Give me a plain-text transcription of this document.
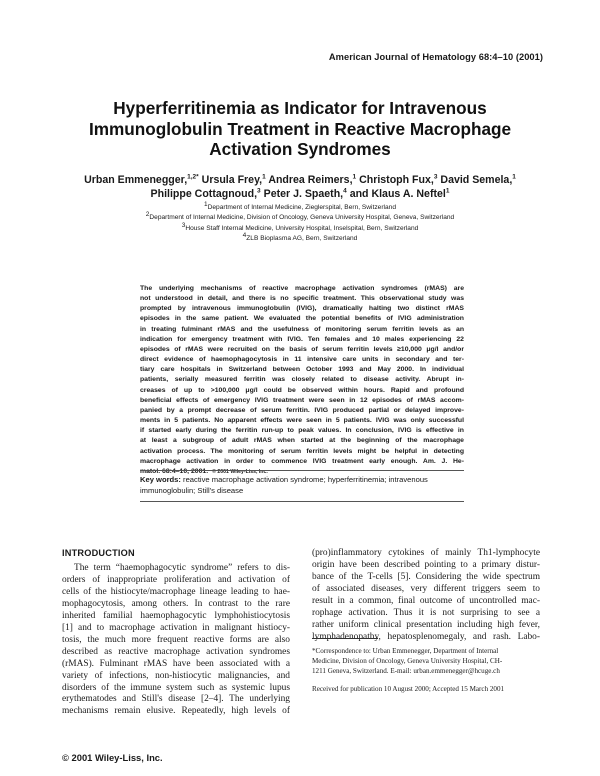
American Journal of Hematology 68:4–10 (2001)
Hyperferritinemia as Indicator for Intravenous
Immunoglobulin Treatment in Reactive Macrophage
Activation Syndromes
Urban Emmenegger,$^{1,2*}$ Ursula Frey,$^1$ Andrea Reimers,$^1$ Christoph Fux,$^3$ David Semela,$^1$
Philippe Cottagnoud,$^3$ Peter J. Spaeth,$^4$ and Klaus A. Neftel$^1$
$^1$Department of Internal Medicine, Zieglerspital, Bern, Switzerland
$^2$Department of Internal Medicine, Division of Oncology, Geneva University Hospital, Geneva, Switzerland
$^3$House Staff Internal Medicine, University Hospital, Inselspital, Bern, Switzerland
$^4$ZLB Bioplasma AG, Bern, Switzerland
The underlying mechanisms of reactive macrophage activation syndromes (rMAS) are
not understood in detail, and there is no specific treatment. This observational study was
prompted by intravenous immunoglobulin (IVIG), dramatically halting two distinct rMAS
episodes in the same patient. We evaluated the potential benefits of IVIG administration
in treating fulminant rMAS and the usefulness of monitoring serum ferritin levels as an
indication for emergency treatment with IVIG. Ten females and 10 males experiencing 22
episodes of rMAS were recruited on the basis of serum ferritin levels ≥10,000 μg/l and/or
direct evidence of haemophagocytosis in 11 intensive care units in secondary and ter-
tiary care hospitals in Switzerland between October 1993 and May 2000. In individual
patients, serially measured ferritin was closely related to disease activity. Abrupt in-
creases of up to >100,000 μg/l could be observed within hours. Rapid and profound
beneficial effects of emergency IVIG treatment were seen in 12 episodes of rMAS accom-
panied by a prompt decrease of serum ferritin. IVIG produced partial or delayed improve-
ments in 5 patients. No apparent effects were seen in 5 patients. IVIG was only successful
if started early during the ferritin run-up to peak values. In conclusion, IVIG is effective in
at least a subgroup of adult rMAS when started at the beginning of the macrophage
activation process. The monitoring of serum ferritin levels might be helpful in detecting
macrophage activation in order to commence IVIG treatment early enough. Am. J. He-
matol. 68:4–10, 2001. © 2001 Wiley-Liss, Inc.
Key words: reactive macrophage activation syndrome; hyperferritinemia; intravenous
immunoglobulin; Still's disease
INTRODUCTION
The term “haemophagocytic syndrome” refers to dis-
orders of inappropriate proliferation and activation of
cells of the histiocyte/macrophage lineage leading to hae-
mophagocytosis, among others. In contrast to the rare
inherited familial haemophagocytic lymphohistiocytosis
[1] and to macrophage activation in malignant histiocy-
tosis, the much more frequent reactive forms are also
described as reactive macrophage activation syndromes
(rMAS). Fulminant rMAS have been associated with a
variety of infections, non-histiocytic malignancies, and
disorders of the immune system such as systemic lupus
erythematodes and Still's disease [2–4]. The underlying
mechanisms remain elusive. Repeatedly, high levels of
(pro)inflammatory cytokines of mainly Th1-lymphocyte
origin have been described pointing to a primary distur-
bance of the T-cells [5]. Considering the wide spectrum
of associated diseases, very different triggers seem to
result in a common, final outcome of uncontrolled mac-
rophage activation. Thus it is not surprising to see a
rather uniform clinical presentation including high fever,
lymphadenopathy, hepatosplenomegaly, and rash. Labo-
*Correspondence to: Urban Emmenegger, Department of Internal
Medicine, Division of Oncology, Geneva University Hospital, CH-
1211 Geneva, Switzerland. E-mail: urban.emmenegger@hcuge.ch
Received for publication 10 August 2000; Accepted 15 March 2001
© 2001 Wiley-Liss, Inc.
